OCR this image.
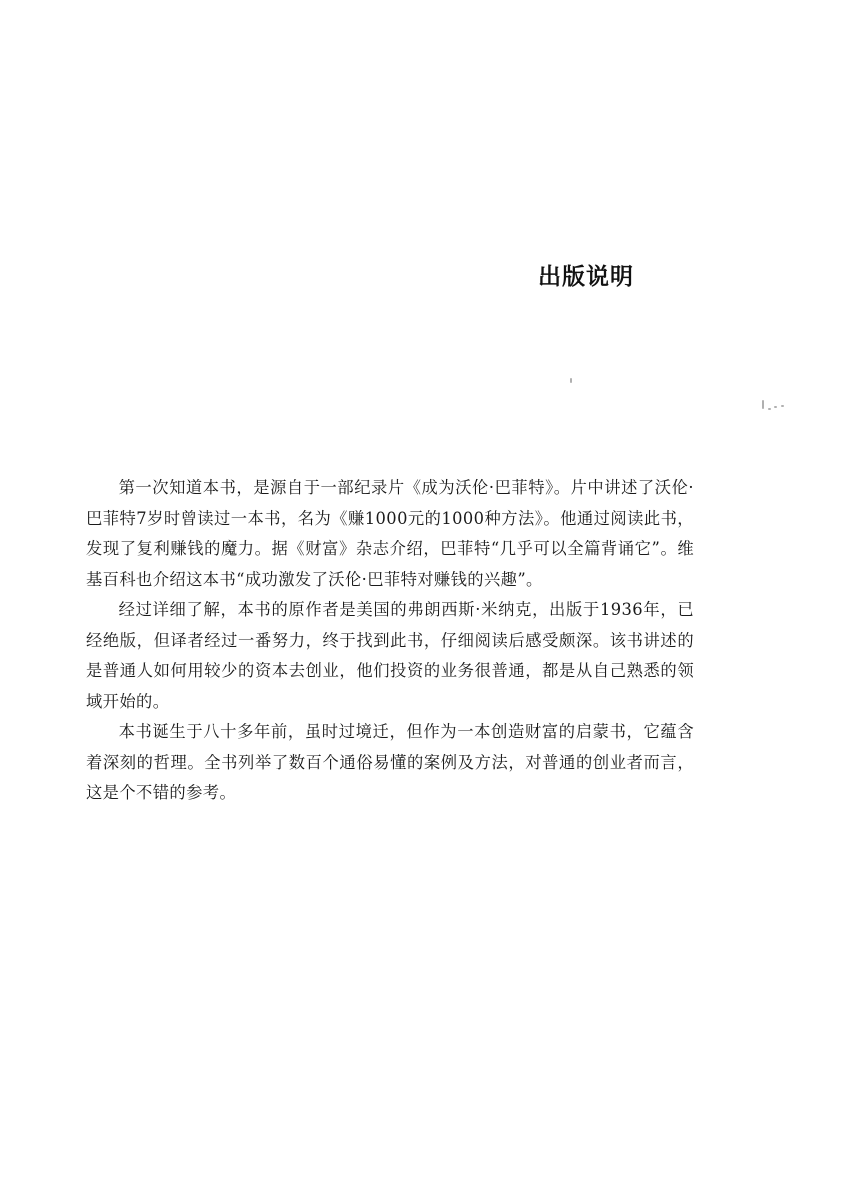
出版说明

第一次知道本书，是源自于一部纪录片《成为沃伦·巴菲特》。片中讲述了沃伦·巴菲特7岁时曾读过一本书，名为《赚1000元的1000种方法》。他通过阅读此书，发现了复利赚钱的魔力。据《财富》杂志介绍，巴菲特“几乎可以全篇背诵它”。维基百科也介绍这本书“成功激发了沃伦·巴菲特对赚钱的兴趣”。

经过详细了解，本书的原作者是美国的弗朗西斯·米纳克，出版于1936年，已经绝版，但译者经过一番努力，终于找到此书，仔细阅读后感受颇深。该书讲述的是普通人如何用较少的资本去创业，他们投资的业务很普通，都是从自己熟悉的领域开始的。

本书诞生于八十多年前，虽时过境迁，但作为一本创造财富的启蒙书，它蕴含着深刻的哲理。全书列举了数百个通俗易懂的案例及方法，对普通的创业者而言，这是个不错的参考。
